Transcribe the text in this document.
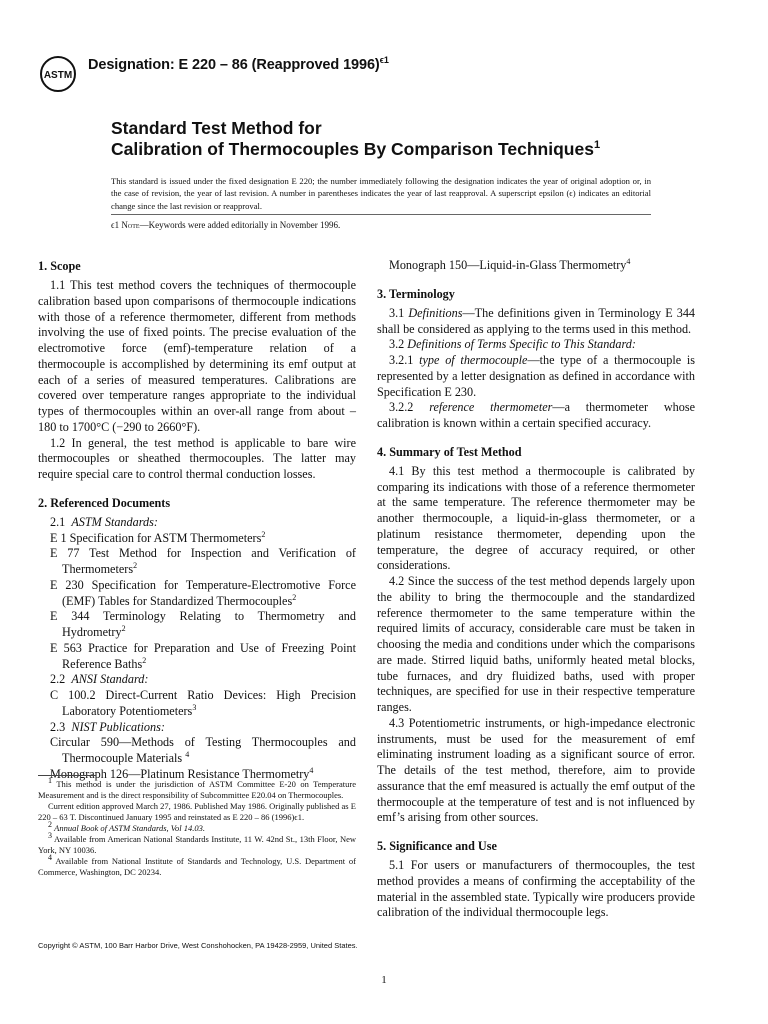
ASTM
Designation: E 220 – 86 (Reapproved 1996)$^{\epsilon 1}$
Standard Test Method for
Calibration of Thermocouples By Comparison Techniques$^1$
This standard is issued under the fixed designation E 220; the number immediately following the designation indicates the year of original adoption or, in the case of revision, the year of last revision. A number in parentheses indicates the year of last reapproval. A superscript epsilon (ϵ) indicates an editorial change since the last revision or reapproval.
ϵ1 Note—Keywords were added editorially in November 1996.
1. Scope

1.1 This test method covers the techniques of thermocouple calibration based upon comparisons of thermocouple indications with those of a reference thermometer, different from methods involving the use of fixed points. The precise evaluation of the electromotive force (emf)-temperature relation of a thermocouple is accomplished by determining its emf output at each of a series of measured temperatures. Calibrations are covered over temperature ranges appropriate to the individual types of thermocouples within an over-all range from about – 180 to 1700°C (−290 to 2660°F).

1.2 In general, the test method is applicable to bare wire thermocouples or sheathed thermocouples. The latter may require special care to control thermal conduction losses.

2. Referenced Documents
2.1 ASTM Standards:
E 1 Specification for ASTM Thermometers$^2$
E 77 Test Method for Inspection and Verification of Thermometers$^2$
E 230 Specification for Temperature-Electromotive Force (EMF) Tables for Standardized Thermocouples$^2$
E 344 Terminology Relating to Thermometry and Hydrometry$^2$
E 563 Practice for Preparation and Use of Freezing Point Reference Baths$^2$
2.2 ANSI Standard:
C 100.2 Direct-Current Ratio Devices: High Precision Laboratory Potentiometers$^3$
2.3 NIST Publications:
Circular 590—Methods of Testing Thermocouples and Thermocouple Materials $^4$
Monograph 126—Platinum Resistance Thermometry$^4$

$^1$ This method is under the jurisdiction of ASTM Committee E-20 on Temperature Measurement and is the direct responsibility of Subcommittee E20.04 on Thermocouples.

Current edition approved March 27, 1986. Published May 1986. Originally published as E 220 – 63 T. Discontinued January 1995 and reinstated as E 220 – 86 (1996)ϵ1.

$^2$ Annual Book of ASTM Standards, Vol 14.03.

$^3$ Available from American National Standards Institute, 11 W. 42nd St., 13th Floor, New York, NY 10036.

$^4$ Available from National Institute of Standards and Technology, U.S. Department of Commerce, Washington, DC 20234.

Monograph 150—Liquid-in-Glass Thermometry$^4$
3. Terminology

3.1 Definitions—The definitions given in Terminology E 344 shall be considered as applying to the terms used in this method.

3.2 Definitions of Terms Specific to This Standard:

3.2.1 type of thermocouple—the type of a thermocouple is represented by a letter designation as defined in accordance with Specification E 230.

3.2.2 reference thermometer—a thermometer whose calibration is known within a certain specified accuracy.

4. Summary of Test Method

4.1 By this test method a thermocouple is calibrated by comparing its indications with those of a reference thermometer at the same temperature. The reference thermometer may be another thermocouple, a liquid-in-glass thermometer, or a platinum resistance thermometer, depending upon the temperature, the degree of accuracy required, or other considerations.

4.2 Since the success of the test method depends largely upon the ability to bring the thermocouple and the standardized reference thermometer to the same temperature within the required limits of accuracy, considerable care must be taken in choosing the media and conditions under which the comparisons are made. Stirred liquid baths, uniformly heated metal blocks, tube furnaces, and dry fluidized baths, used with proper techniques, are specified for use in their respective temperature ranges.

4.3 Potentiometric instruments, or high-impedance electronic instruments, must be used for the measurement of emf eliminating instrument loading as a significant source of error. The details of the test method, therefore, aim to provide assurance that the emf measured is actually the emf output of the thermocouple at the temperature of test and is not influenced by emf’s arising from other sources.

5. Significance and Use

5.1 For users or manufacturers of thermocouples, the test method provides a means of confirming the acceptability of the material in the assembled state. Typically wire producers provide calibration of the individual thermocouple legs.

Copyright © ASTM, 100 Barr Harbor Drive, West Conshohocken, PA 19428-2959, United States.
1
